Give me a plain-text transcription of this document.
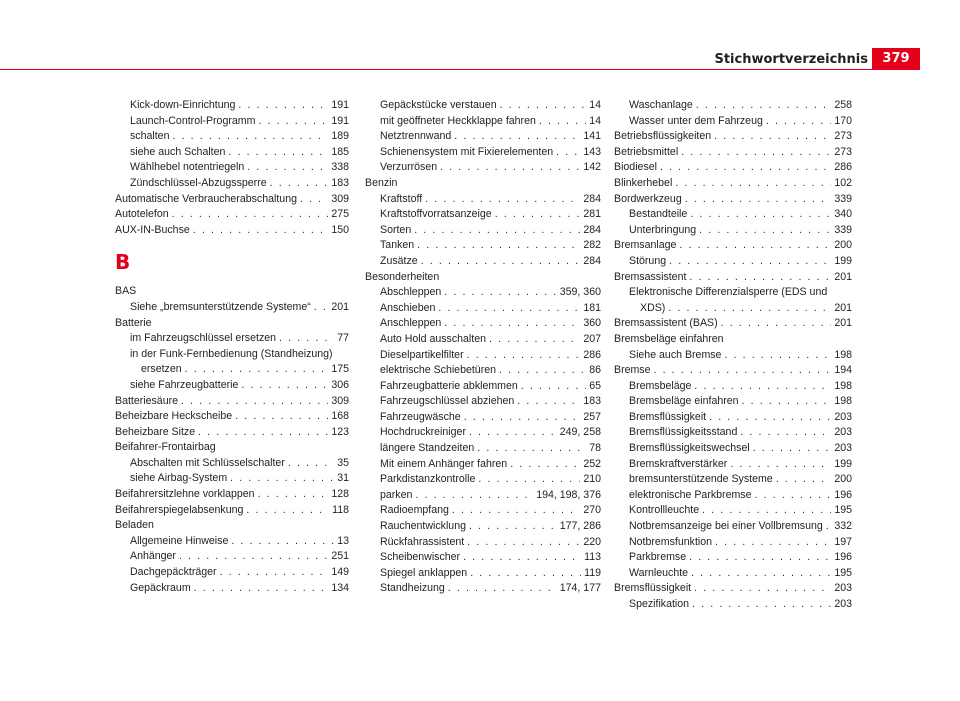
Stichwortverzeichnis	379
Kick-down-Einrichtung . . .	191
Launch-Control-Programm . . .	191
schalten . . .	189
siehe auch Schalten . . .	185
Wählhebel notentriegeln . . .	338
Zündschlüssel-Abzugssperre . . .	183
Automatische Verbraucherabschaltung . . .	309
Autotelefon . . .	275
AUX-IN-Buchse . . .	150
B
BAS
Siehe „bremsunterstützende Systeme“ . . . 201
Batterie
im Fahrzeugschlüssel ersetzen . . .	77
in der Funk-Fernbedienung (Standheizung)
ersetzen . . .	175
siehe Fahrzeugbatterie . . .	306
Batteriesäure . . .	309
Beheizbare Heckscheibe . . .	168
Beheizbare Sitze . . .	123
Beifahrer-Frontairbag
Abschalten mit Schlüsselschalter . . .	35
siehe Airbag-System . . .	31
Beifahrersitzlehne vorklappen . . .	128
Beifahrerspiegelabsenkung . . .	118
Beladen
Allgemeine Hinweise . . .	13
Anhänger . . .	251
Dachgepäckträger . . .	149
Gepäckraum . . .	134
Gepäckstücke verstauen . . .	14
mit geöffneter Heckklappe fahren . . .	14
Netztrennwand . . .	141
Schienensystem mit Fixierelementen . . .	143
Verzurrösen . . .	142
Benzin
Kraftstoff . . .	284
Kraftstoffvorratsanzeige . . .	281
Sorten . . .	284
Tanken . . .	282
Zusätze . . .	284
Besonderheiten
Abschleppen . . .	359, 360
Anschieben . . .	181
Anschleppen . . .	360
Auto Hold ausschalten . . .	207
Dieselpartikelfilter . . .	286
elektrische Schiebetüren . . .	86
Fahrzeugbatterie abklemmen . . .	65
Fahrzeugschlüssel abziehen . . .	183
Fahrzeugwäsche . . .	257
Hochdruckreiniger . . .	249, 258
längere Standzeiten . . .	78
Mit einem Anhänger fahren . . .	252
Parkdistanzkontrolle . . .	210
parken . . .	194, 198, 376
Radioempfang . . .	270
Rauchentwicklung . . .	177, 286
Rückfahrassistent . . .	220
Scheibenwischer . . .	113
Spiegel anklappen . . .	119
Standheizung . . .	174, 177
Waschanlage . . .	258
Wasser unter dem Fahrzeug . . .	170
Betriebsflüssigkeiten . . .	273
Betriebsmittel . . .	273
Biodiesel . . .	286
Blinkerhebel . . .	102
Bordwerkzeug . . .	339
Bestandteile . . .	340
Unterbringung . . .	339
Bremsanlage . . .	200
Störung . . .	199
Bremsassistent . . .	201
Elektronische Differenzialsperre (EDS und
XDS) . . .	201
Bremsassistent (BAS) . . .	201
Bremsbeläge einfahren
Siehe auch Bremse . . .	198
Bremse . . .	194
Bremsbeläge . . .	198
Bremsbeläge einfahren . . .	198
Bremsflüssigkeit . . .	203
Bremsflüssigkeitsstand . . .	203
Bremsflüssigkeitswechsel . . .	203
Bremskraftverstärker . . .	199
bremsunterstützende Systeme . . .	200
elektronische Parkbremse . . .	196
Kontrollleuchte . . .	195
Notbremsanzeige bei einer Vollbremsung . . . 332
Notbremsfunktion . . .	197
Parkbremse . . .	196
Warnleuchte . . .	195
Bremsflüssigkeit . . .	203
Spezifikation . . .	203
